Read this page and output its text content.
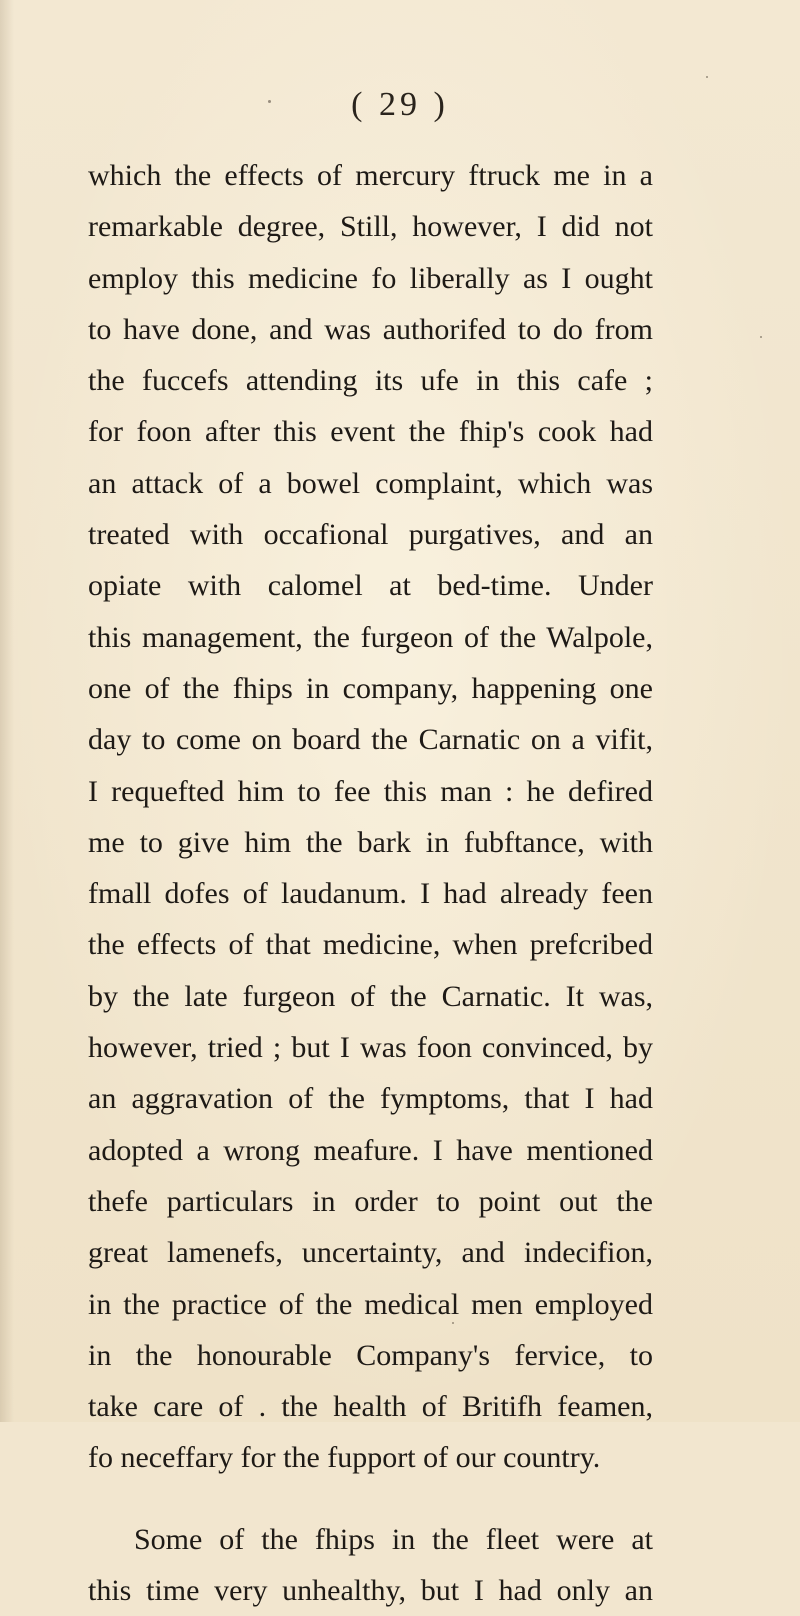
( 29 )
which the effects of mercury ftruck me in a
remarkable degree, Still, however, I did not
employ this medicine fo liberally as I ought
to have done, and was authorifed to do from
the fuccefs attending its ufe in this cafe ;
for foon after this event the fhip's cook had
an attack of a bowel complaint, which was
treated with occafional purgatives, and an
opiate with calomel at bed-time. Under
this management, the furgeon of the Walpole,
one of the fhips in company, happening one
day to come on board the Carnatic on a vifit,
I requefted him to fee this man : he defired
me to give him the bark in fubftance, with
fmall dofes of laudanum. I had already feen
the effects of that medicine, when prefcribed
by the late furgeon of the Carnatic. It was,
however, tried ; but I was foon convinced, by
an aggravation of the fymptoms, that I had
adopted a wrong meafure. I have mentioned
thefe particulars in order to point out the
great lamenefs, uncertainty, and indecifion,
in the practice of the medical men employed
in the honourable Company's fervice, to
take care of . the health of Britifh feamen,
fo neceffary for the fupport of our country.
Some of the fhips in the fleet were at
this time very unhealthy, but I had only an
